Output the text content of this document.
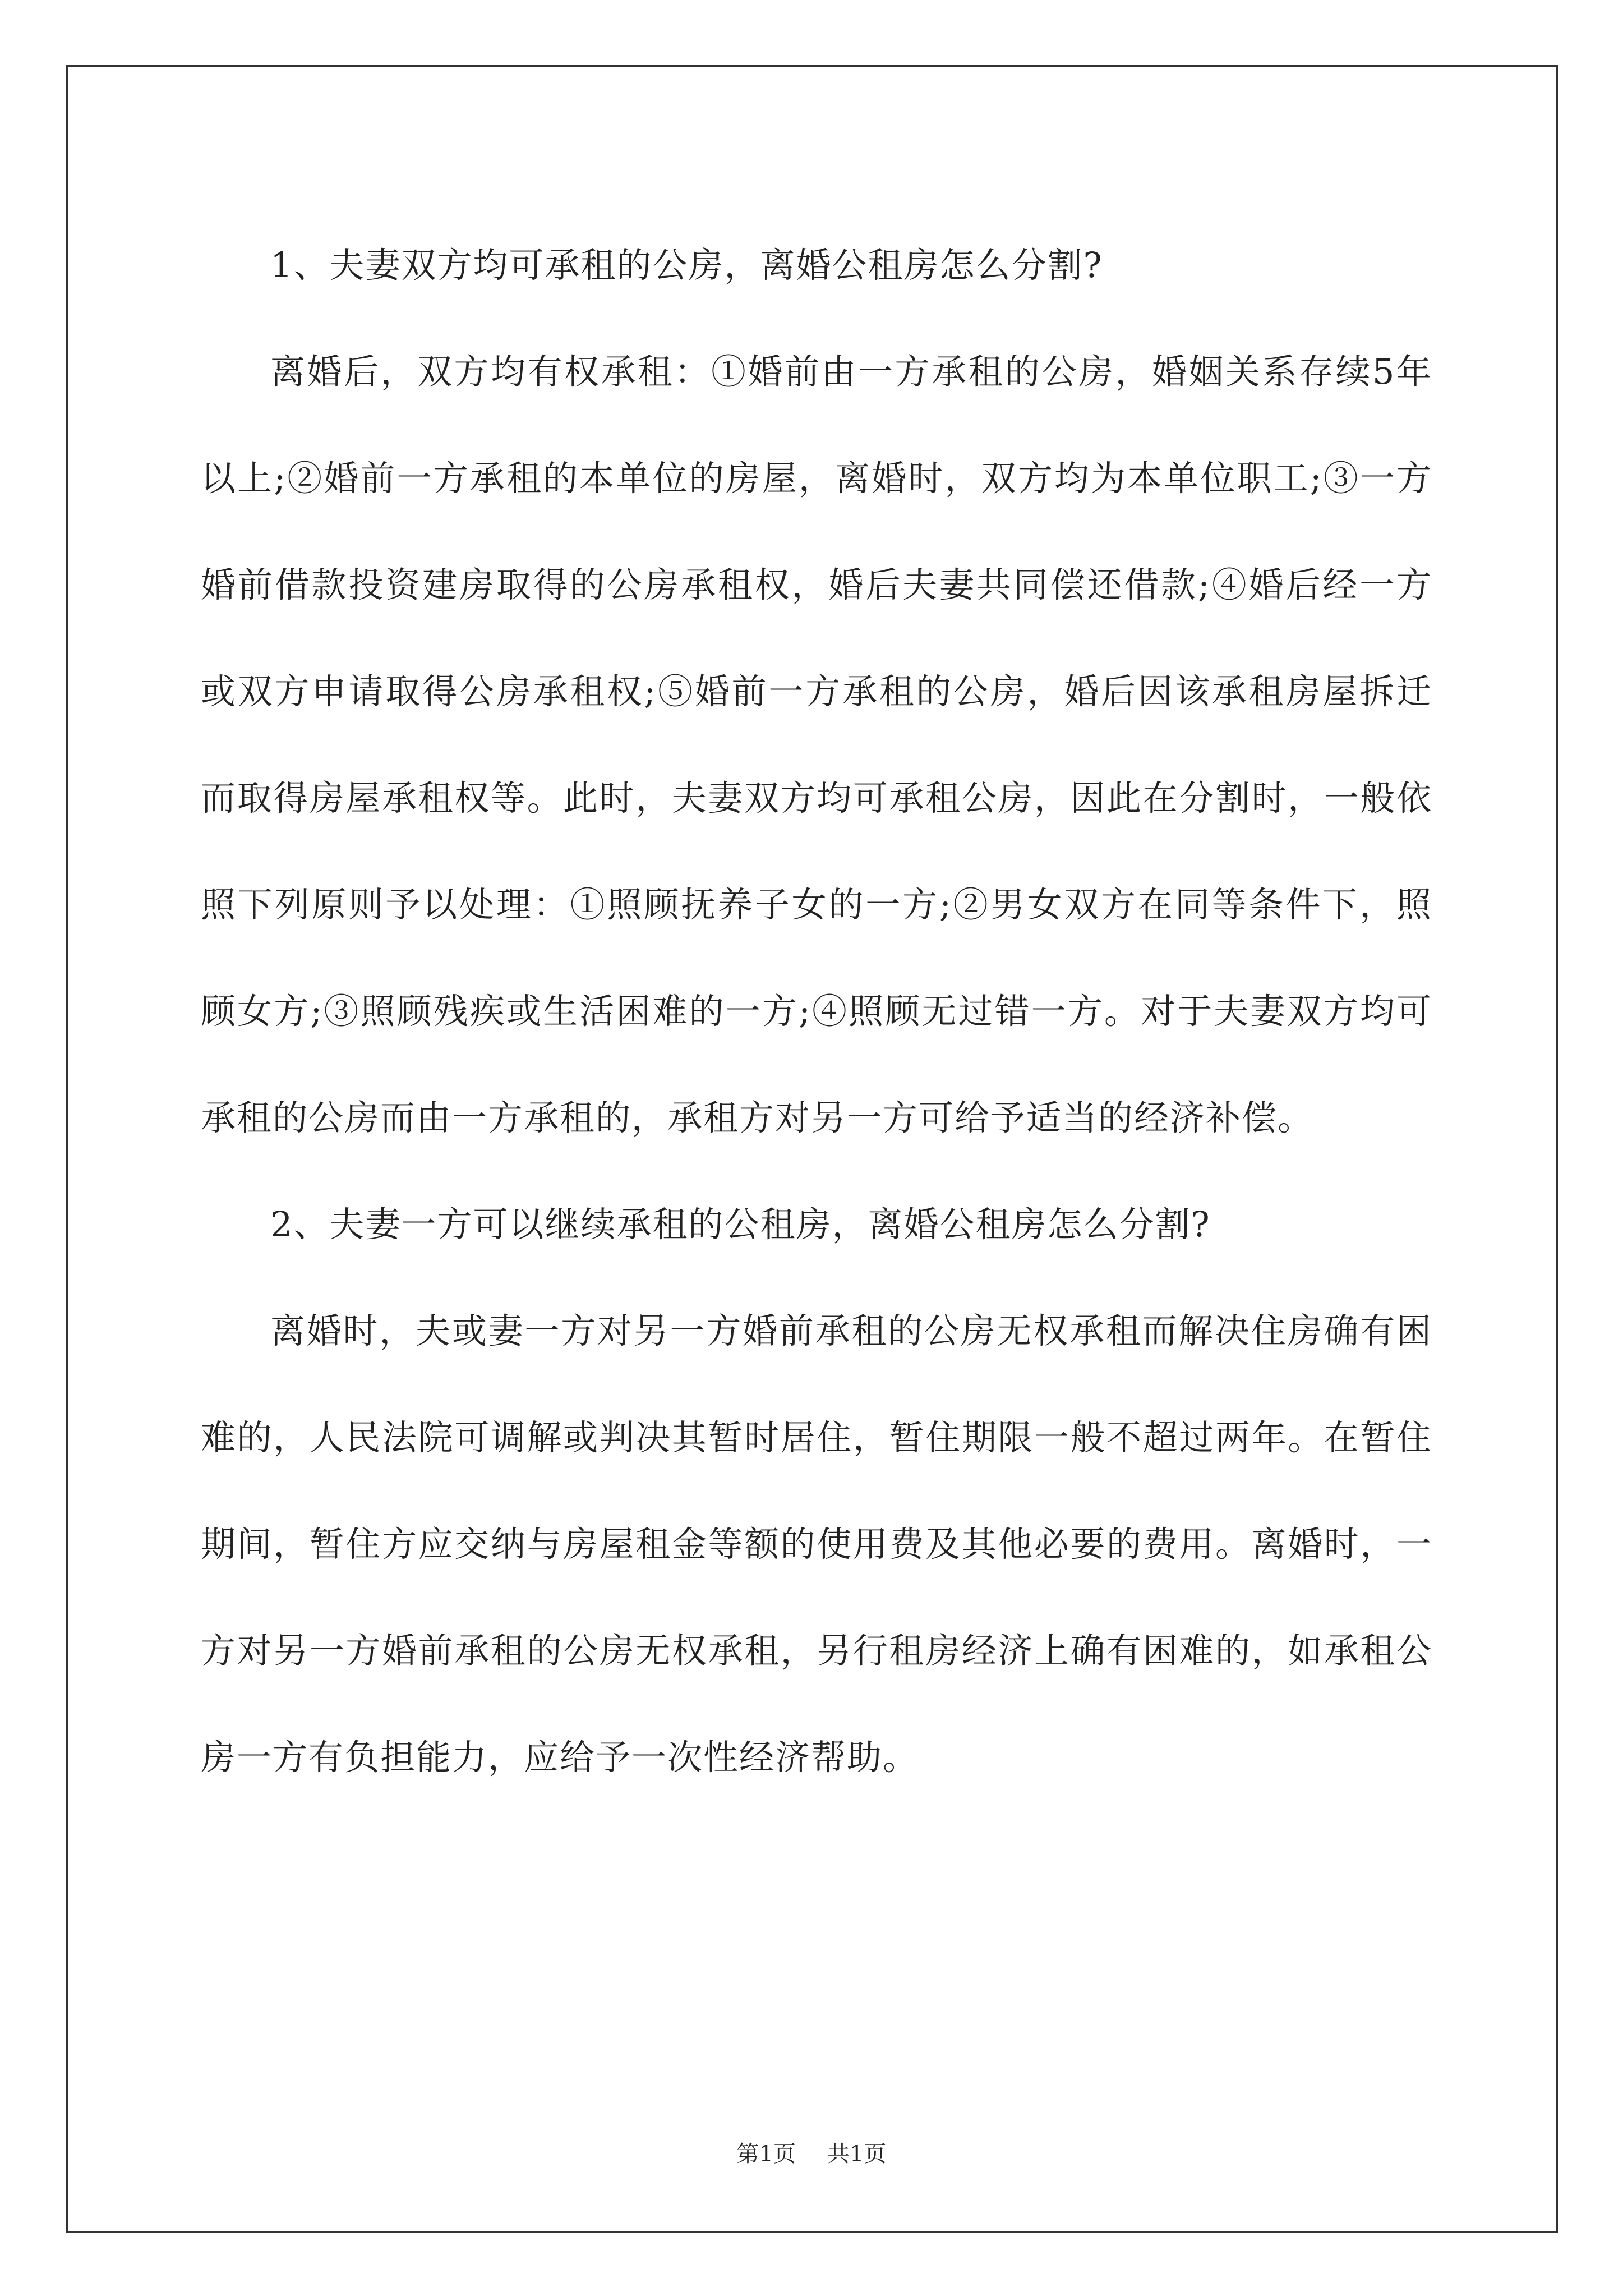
1、夫妻双方均可承租的公房，离婚公租房怎么分割?

离婚后，双方均有权承租：①婚前由一方承租的公房，婚姻关系存续5年以上;②婚前一方承租的本单位的房屋，离婚时，双方均为本单位职工;③一方婚前借款投资建房取得的公房承租权，婚后夫妻共同偿还借款;④婚后经一方或双方申请取得公房承租权;⑤婚前一方承租的公房，婚后因该承租房屋拆迁而取得房屋承租权等。此时，夫妻双方均可承租公房，因此在分割时，一般依照下列原则予以处理：①照顾抚养子女的一方;②男女双方在同等条件下，照顾女方;③照顾残疾或生活困难的一方;④照顾无过错一方。对于夫妻双方均可承租的公房而由一方承租的，承租方对另一方可给予适当的经济补偿。

2、夫妻一方可以继续承租的公租房，离婚公租房怎么分割?

离婚时，夫或妻一方对另一方婚前承租的公房无权承租而解决住房确有困难的，人民法院可调解或判决其暂时居住，暂住期限一般不超过两年。在暂住期间，暂住方应交纳与房屋租金等额的使用费及其他必要的费用。离婚时，一方对另一方婚前承租的公房无权承租，另行租房经济上确有困难的，如承租公房一方有负担能力，应给予一次性经济帮助。

第1页 共1页
